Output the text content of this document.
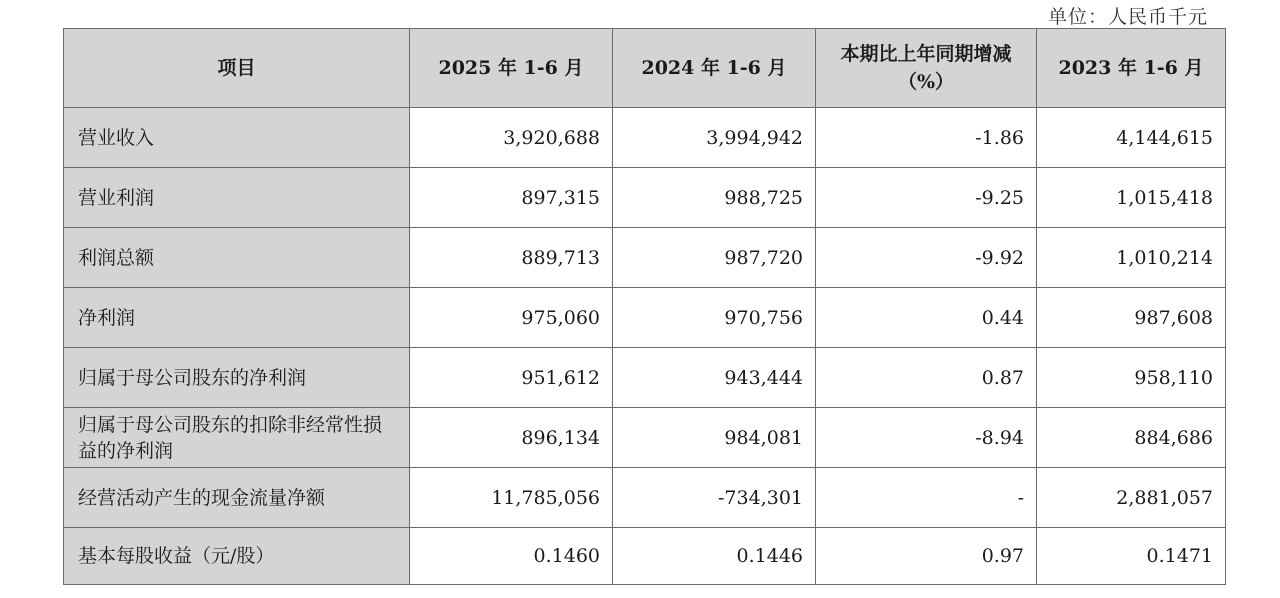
单位：人民币千元
项目	2025 年 1-6 月	2024 年 1-6 月	本期比上年同期增减（%）	2023 年 1-6 月
营业收入	3,920,688	3,994,942	-1.86	4,144,615
营业利润	897,315	988,725	-9.25	1,015,418
利润总额	889,713	987,720	-9.92	1,010,214
净利润	975,060	970,756	0.44	987,608
归属于母公司股东的净利润	951,612	943,444	0.87	958,110
归属于母公司股东的扣除非经常性损益的净利润	896,134	984,081	-8.94	884,686
经营活动产生的现金流量净额	11,785,056	-734,301	-	2,881,057
基本每股收益（元/股）	0.1460	0.1446	0.97	0.1471
